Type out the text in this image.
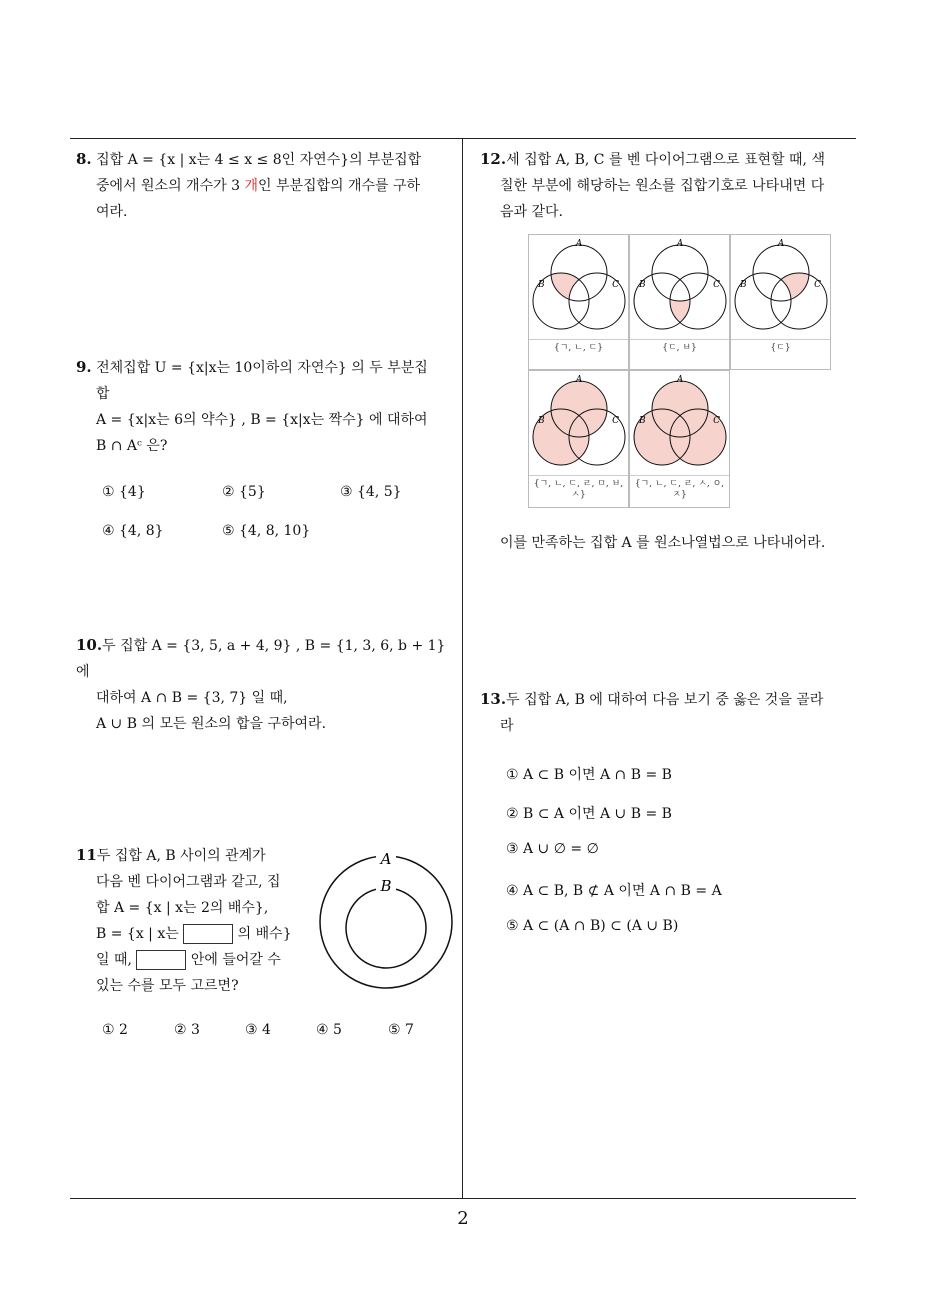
8. 집합 A = {x | x는 4 ≤ x ≤ 8인 자연수}의 부분집합
중에서 원소의 개수가 3 개인 부분집합의 개수를 구하
여라.
9. 전체집합 U = {x|x는 10이하의 자연수} 의 두 부분집
합
A = {x|x는 6의 약수} , B = {x|x는 짝수} 에 대하여
B ∩ Aᶜ 은?
① {4}	② {5}	③ {4, 5}
④ {4, 8}	⑤ {4, 8, 10}
10.두 집합 A = {3, 5, a + 4, 9} , B = {1, 3, 6, b + 1} 에
대하여 A ∩ B = {3, 7} 일 때,
A ∪ B 의 모든 원소의 합을 구하여라.
11두 집합 A, B 사이의 관계가
다음 벤 다이어그램과 같고, 집
합 A = {x | x는 2의 배수},
B = {x | x는	의 배수}
일 때,	안에 들어갈 수
있는 수를 모두 고르면?
A
B
① 2	② 3	③ 4	④ 5	⑤ 7
12.세 집합 A, B, C 를 벤 다이어그램으로 표현할 때, 색
칠한 부분에 해당하는 원소를 집합기호로 나타내면 다
음과 같다.
A
B	C
{ㄱ, ㄴ, ㄷ}
A
B	C
{ㄷ, ㅂ}
A
B	C
{ㄷ}
A
B	C
{ㄱ, ㄴ, ㄷ, ㄹ, ㅁ, ㅂ, ㅅ}
A
B	C
{ㄱ, ㄴ, ㄷ, ㄹ, ㅅ, ㅇ, ㅈ}
이를 만족하는 집합 A 를 원소나열법으로 나타내어라.
13.두 집합 A, B 에 대하여 다음 보기 중 옳은 것을 골라
라
① A ⊂ B 이면 A ∩ B = B
② B ⊂ A 이면 A ∪ B = B
③ A ∪ ∅ = ∅
④ A ⊂ B, B ⊄ A 이면 A ∩ B = A
⑤ A ⊂ (A ∩ B) ⊂ (A ∪ B)
2
